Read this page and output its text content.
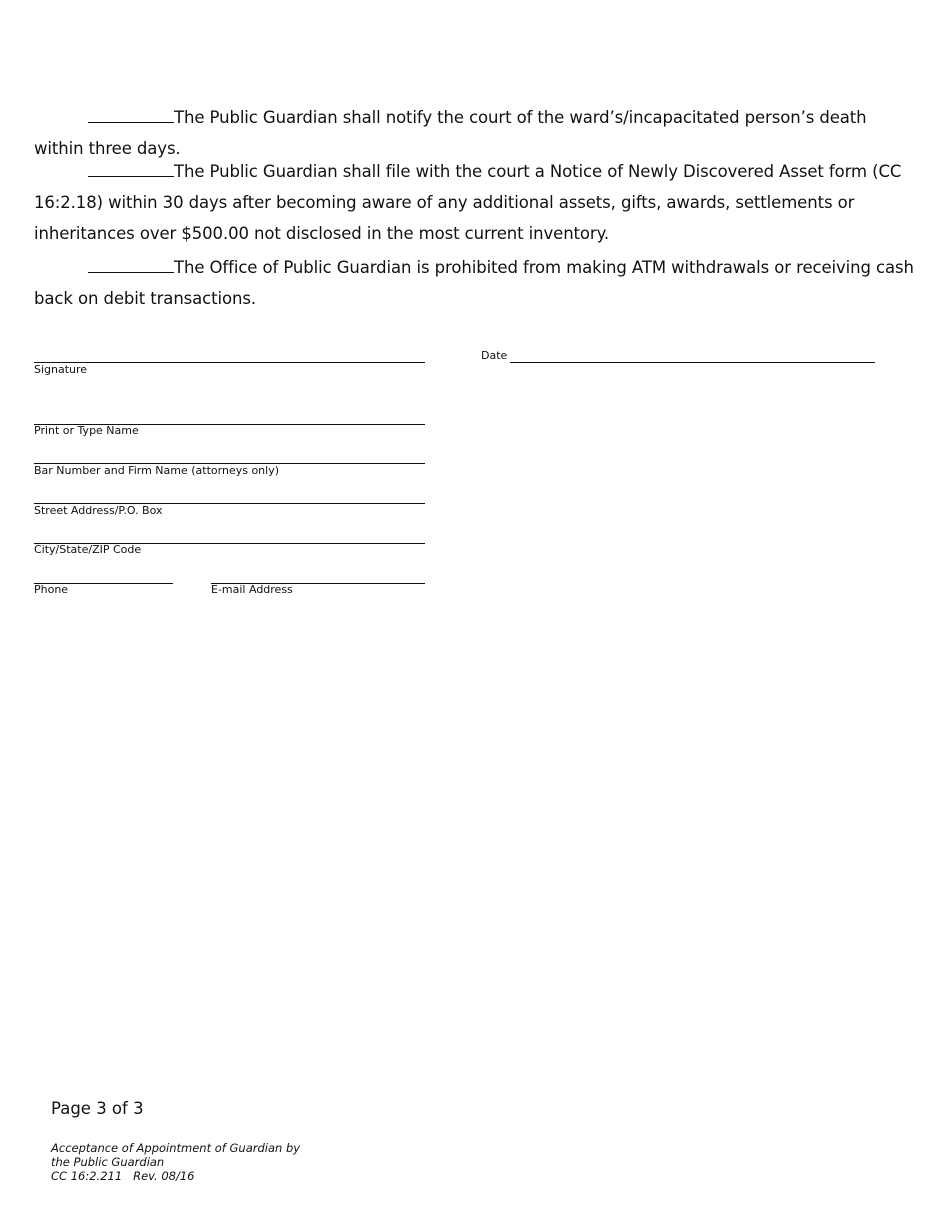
The Public Guardian shall notify the court of the ward’s/incapacitated person’s death within three days.
The Public Guardian shall file with the court a Notice of Newly Discovered Asset form (CC 16:2.18) within 30 days after becoming aware of any additional assets, gifts, awards, settlements or inheritances over $500.00 not disclosed in the most current inventory.
The Office of Public Guardian is prohibited from making ATM withdrawals or receiving cash back on debit transactions.
Signature
Date
Print or Type Name
Bar Number and Firm Name (attorneys only)
Street Address/P.O. Box
City/State/ZIP Code
Phone	E-mail Address
Page 3 of 3
Acceptance of Appointment of Guardian by
the Public Guardian
CC 16:2.211   Rev. 08/16
